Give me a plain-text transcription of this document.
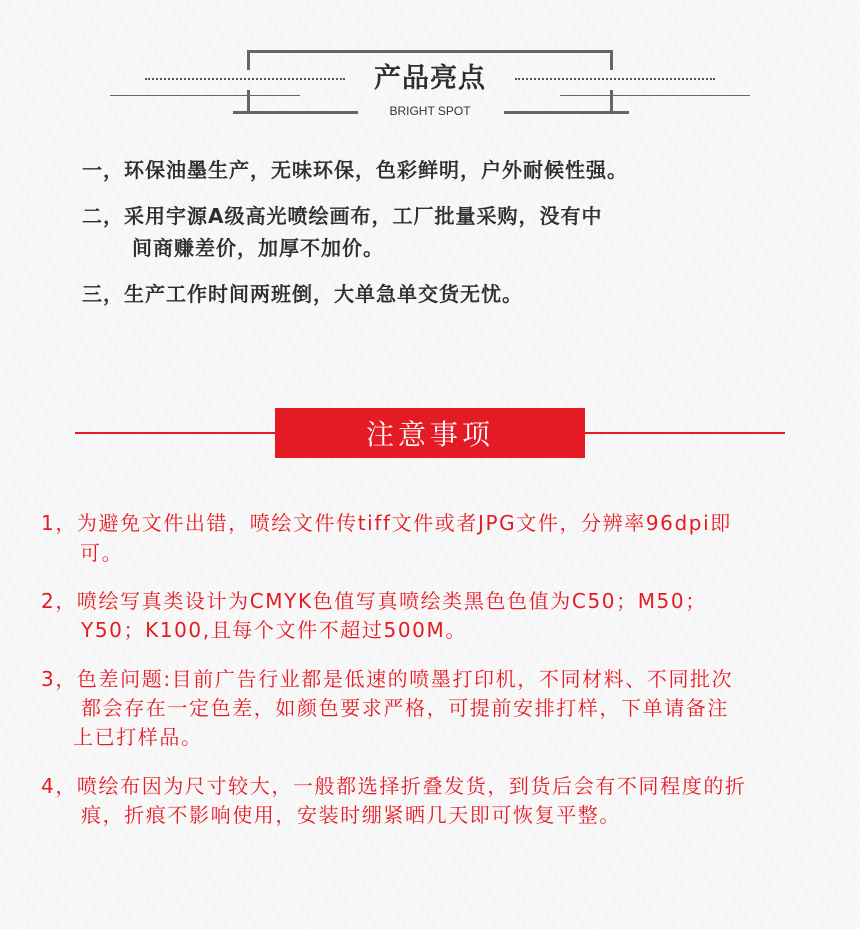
产品亮点
BRIGHT SPOT
一，环保油墨生产，无味环保，色彩鲜明，户外耐候性强。
二，采用宇源A级高光喷绘画布，工厂批量采购，没有中
间商赚差价，加厚不加价。
三，生产工作时间两班倒，大单急单交货无忧。
注意事项
1，为避免文件出错，喷绘文件传tiff文件或者JPG文件，分辨率96dpi即
可。
2，喷绘写真类设计为CMYK色值写真喷绘类黑色色值为C50；M50；
Y50；K100,且每个文件不超过500M。
3，色差问题:目前广告行业都是低速的喷墨打印机，不同材料、不同批次
都会存在一定色差，如颜色要求严格，可提前安排打样，下单请备注
上已打样品。
4，喷绘布因为尺寸较大，一般都选择折叠发货，到货后会有不同程度的折
痕，折痕不影响使用，安装时绷紧晒几天即可恢复平整。
